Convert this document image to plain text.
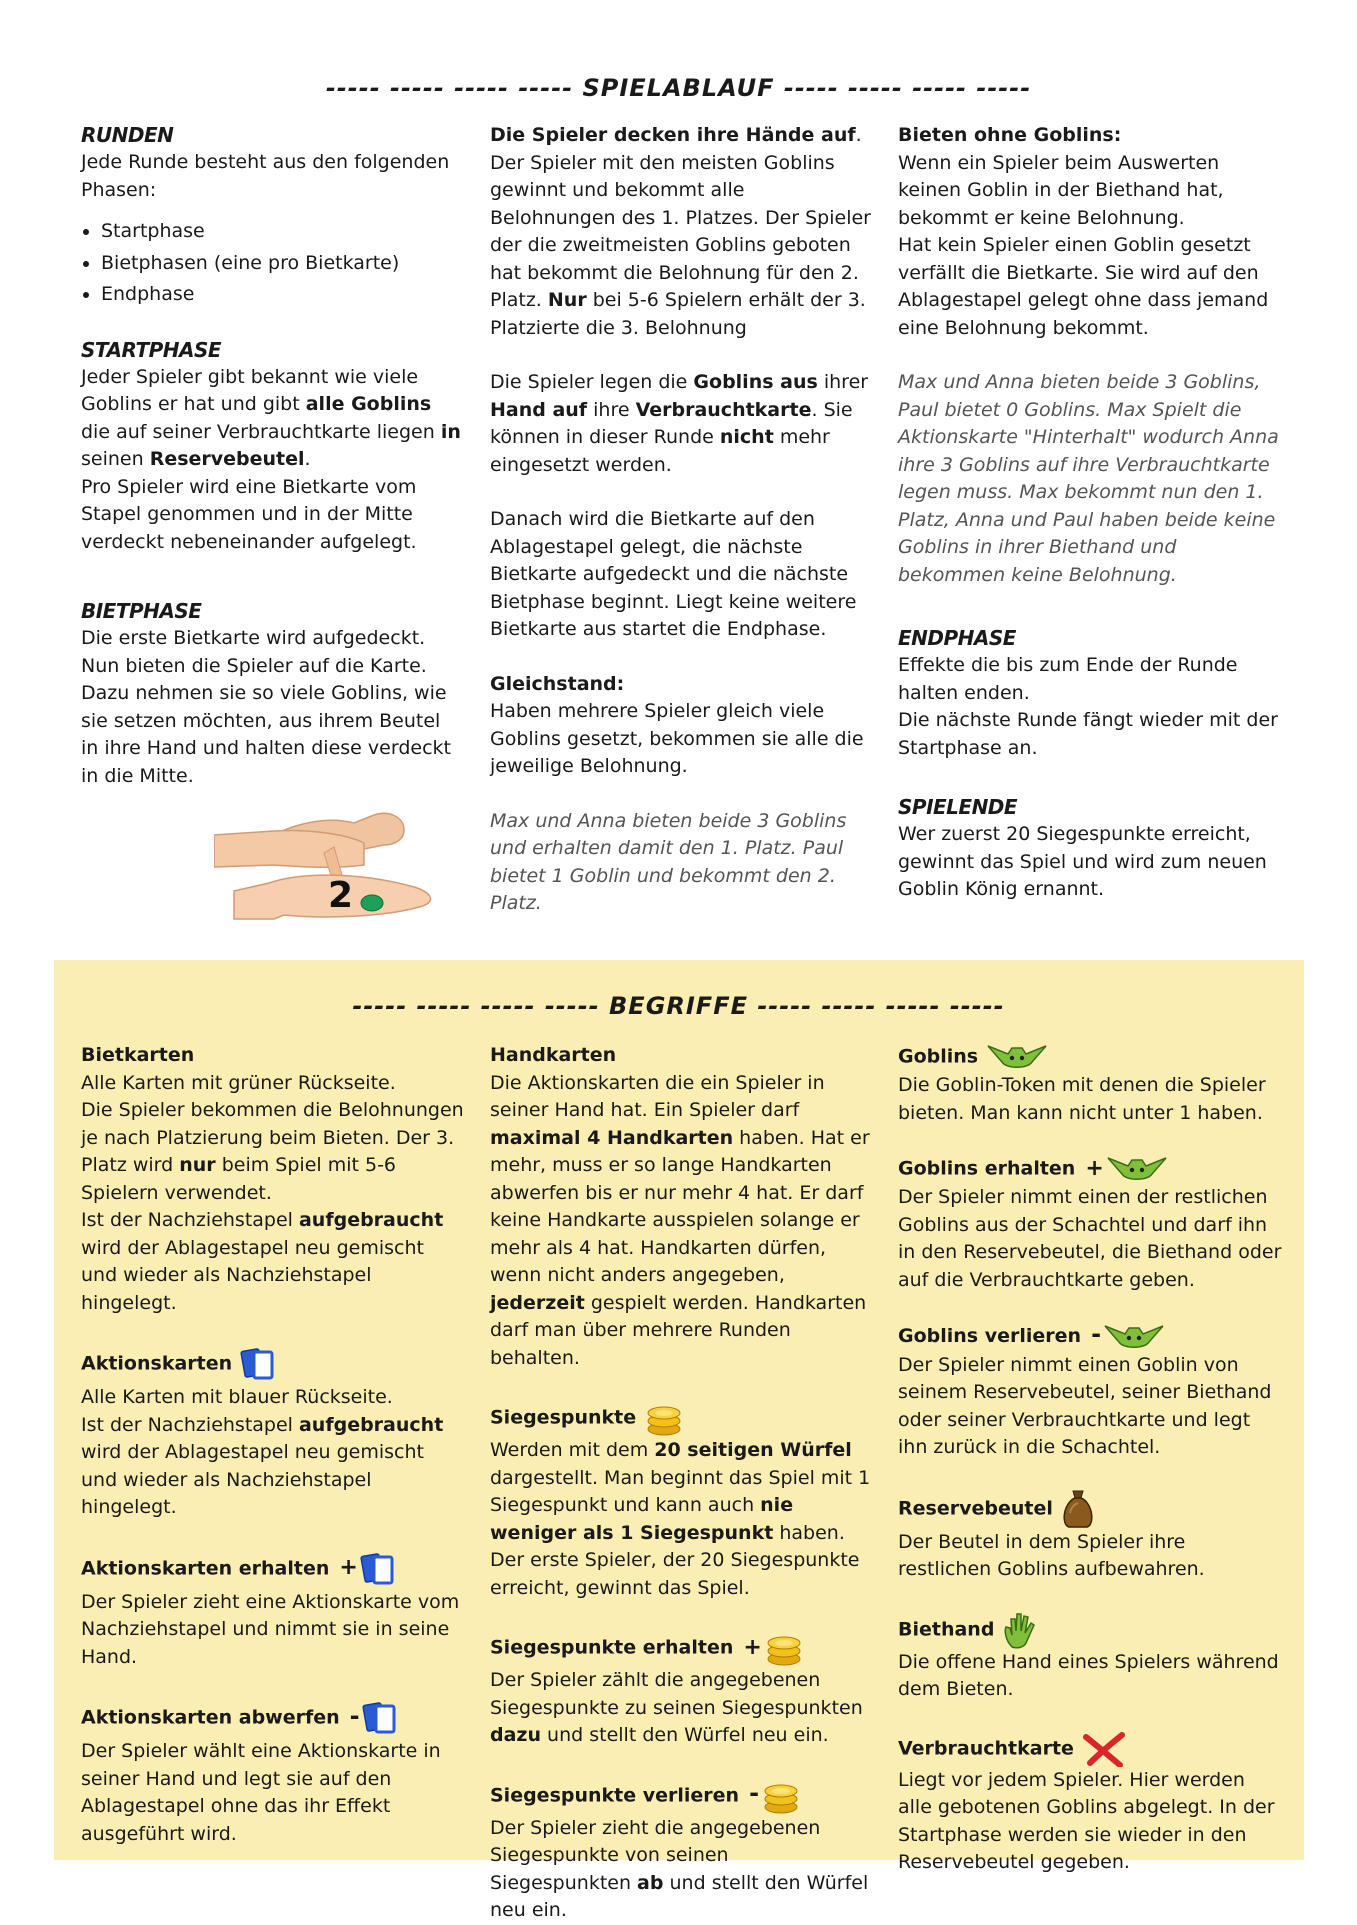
----- ----- ----- ----- SPIELABLAUF ----- ----- ----- -----
RUNDEN

Jede Runde besteht aus den folgenden Phasen:

• Startphase
• Bietphasen (eine pro Bietkarte)
• Endphase
STARTPHASE

Jeder Spieler gibt bekannt wie viele Goblins er hat und gibt alle Goblins die auf seiner Verbrauchtkarte liegen in seinen Reservebeutel.

Pro Spieler wird eine Bietkarte vom Stapel genommen und in der Mitte verdeckt nebeneinander aufgelegt.

BIETPHASE

Die erste Bietkarte wird aufgedeckt. Nun bieten die Spieler auf die Karte. Dazu nehmen sie so viele Goblins, wie sie setzen möchten, aus ihrem Beutel in ihre Hand und halten diese verdeckt in die Mitte.

2

Die Spieler decken ihre Hände auf. Der Spieler mit den meisten Goblins gewinnt und bekommt alle Belohnungen des 1. Platzes. Der Spieler der die zweitmeisten Goblins geboten hat bekommt die Belohnung für den 2. Platz. Nur bei 5-6 Spielern erhält der 3. Platzierte die 3. Belohnung

Die Spieler legen die Goblins aus ihrer Hand auf ihre Verbrauchtkarte. Sie können in dieser Runde nicht mehr eingesetzt werden.

Danach wird die Bietkarte auf den Ablagestapel gelegt, die nächste Bietkarte aufgedeckt und die nächste Bietphase beginnt. Liegt keine weitere Bietkarte aus startet die Endphase.

Gleichstand:

Haben mehrere Spieler gleich viele Goblins gesetzt, bekommen sie alle die jeweilige Belohnung.

Max und Anna bieten beide 3 Goblins und erhalten damit den 1. Platz. Paul bietet 1 Goblin und bekommt den 2. Platz.

Bieten ohne Goblins:

Wenn ein Spieler beim Auswerten keinen Goblin in der Biethand hat, bekommt er keine Belohnung.

Hat kein Spieler einen Goblin gesetzt verfällt die Bietkarte. Sie wird auf den Ablagestapel gelegt ohne dass jemand eine Belohnung bekommt.

Max und Anna bieten beide 3 Goblins, Paul bietet 0 Goblins. Max Spielt die Aktionskarte "Hinterhalt" wodurch Anna ihre 3 Goblins auf ihre Verbrauchtkarte legen muss. Max bekommt nun den 1. Platz, Anna und Paul haben beide keine Goblins in ihrer Biethand und bekommen keine Belohnung.

ENDPHASE

Effekte die bis zum Ende der Runde halten enden.

Die nächste Runde fängt wieder mit der Startphase an.

SPIELENDE

Wer zuerst 20 Siegespunkte erreicht, gewinnt das Spiel und wird zum neuen Goblin König ernannt.

----- ----- ----- ----- BEGRIFFE ----- ----- ----- -----

Bietkarten

Alle Karten mit grüner Rückseite.

Die Spieler bekommen die Belohnungen je nach Platzierung beim Bieten. Der 3. Platz wird nur beim Spiel mit 5-6 Spielern verwendet.

Ist der Nachziehstapel aufgebraucht wird der Ablagestapel neu gemischt und wieder als Nachziehstapel hingelegt.

Aktionskarten

Alle Karten mit blauer Rückseite.

Ist der Nachziehstapel aufgebraucht wird der Ablagestapel neu gemischt und wieder als Nachziehstapel hingelegt.

Aktionskarten erhalten +

Der Spieler zieht eine Aktionskarte vom Nachziehstapel und nimmt sie in seine Hand.

Aktionskarten abwerfen -

Der Spieler wählt eine Aktionskarte in seiner Hand und legt sie auf den Ablagestapel ohne das ihr Effekt ausgeführt wird.

Handkarten

Die Aktionskarten die ein Spieler in seiner Hand hat. Ein Spieler darf maximal 4 Handkarten haben. Hat er mehr, muss er so lange Handkarten abwerfen bis er nur mehr 4 hat. Er darf keine Handkarte ausspielen solange er mehr als 4 hat. Handkarten dürfen, wenn nicht anders angegeben, jederzeit gespielt werden. Handkarten darf man über mehrere Runden behalten.

Siegespunkte

Werden mit dem 20 seitigen Würfel dargestellt. Man beginnt das Spiel mit 1 Siegespunkt und kann auch nie weniger als 1 Siegespunkt haben. Der erste Spieler, der 20 Siegespunkte erreicht, gewinnt das Spiel.

Siegespunkte erhalten +

Der Spieler zählt die angegebenen Siegespunkte zu seinen Siegespunkten dazu und stellt den Würfel neu ein.

Siegespunkte verlieren -

Der Spieler zieht die angegebenen Siegespunkte von seinen Siegespunkten ab und stellt den Würfel neu ein.

Goblins

Die Goblin-Token mit denen die Spieler bieten. Man kann nicht unter 1 haben.

Goblins erhalten +

Der Spieler nimmt einen der restlichen Goblins aus der Schachtel und darf ihn in den Reservebeutel, die Biethand oder auf die Verbrauchtkarte geben.

Goblins verlieren -

Der Spieler nimmt einen Goblin von seinem Reservebeutel, seiner Biethand oder seiner Verbrauchtkarte und legt ihn zurück in die Schachtel.

Reservebeutel

Der Beutel in dem Spieler ihre restlichen Goblins aufbewahren.

Biethand

Die offene Hand eines Spielers während dem Bieten.

Verbrauchtkarte

Liegt vor jedem Spieler. Hier werden alle gebotenen Goblins abgelegt. In der Startphase werden sie wieder in den Reservebeutel gegeben.
